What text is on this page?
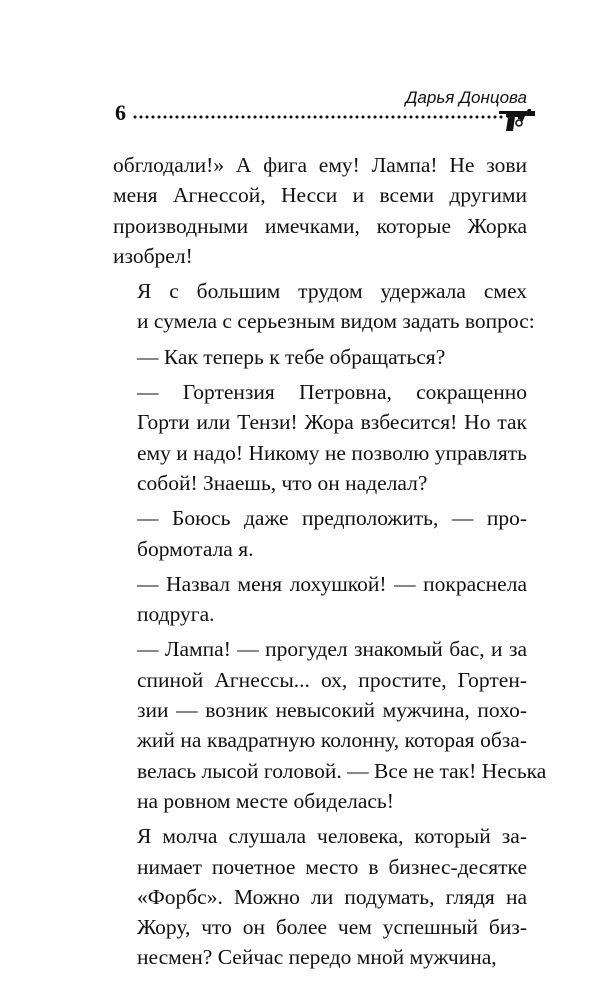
Дарья Донцова
6

обглодали!» А фига ему! Лампа! Не зови
меня Агнессой, Несси и всеми другими
производными имечками, которые Жорка
изобрел!

Я с большим трудом удержала смех
и сумела с серьезным видом задать вопрос:

— Как теперь к тебе обращаться?

— Гортензия Петровна, сокращенно
Горти или Тензи! Жора взбесится! Но так
ему и надо! Никому не позволю управлять
собой! Знаешь, что он наделал?

— Боюсь даже предположить, — про-
бормотала я.

— Назвал меня лохушкой! — покраснела
подруга.

— Лампа! — прогудел знакомый бас, и за
спиной Агнессы... ох, простите, Гортен-
зии — возник невысокий мужчина, похо-
жий на квадратную колонну, которая обза-
велась лысой головой. — Все не так! Неська
на ровном месте обиделась!

Я молча слушала человека, который за-
нимает почетное место в бизнес-десятке
«Форбс». Можно ли подумать, глядя на
Жору, что он более чем успешный биз-
несмен? Сейчас передо мной мужчина,
